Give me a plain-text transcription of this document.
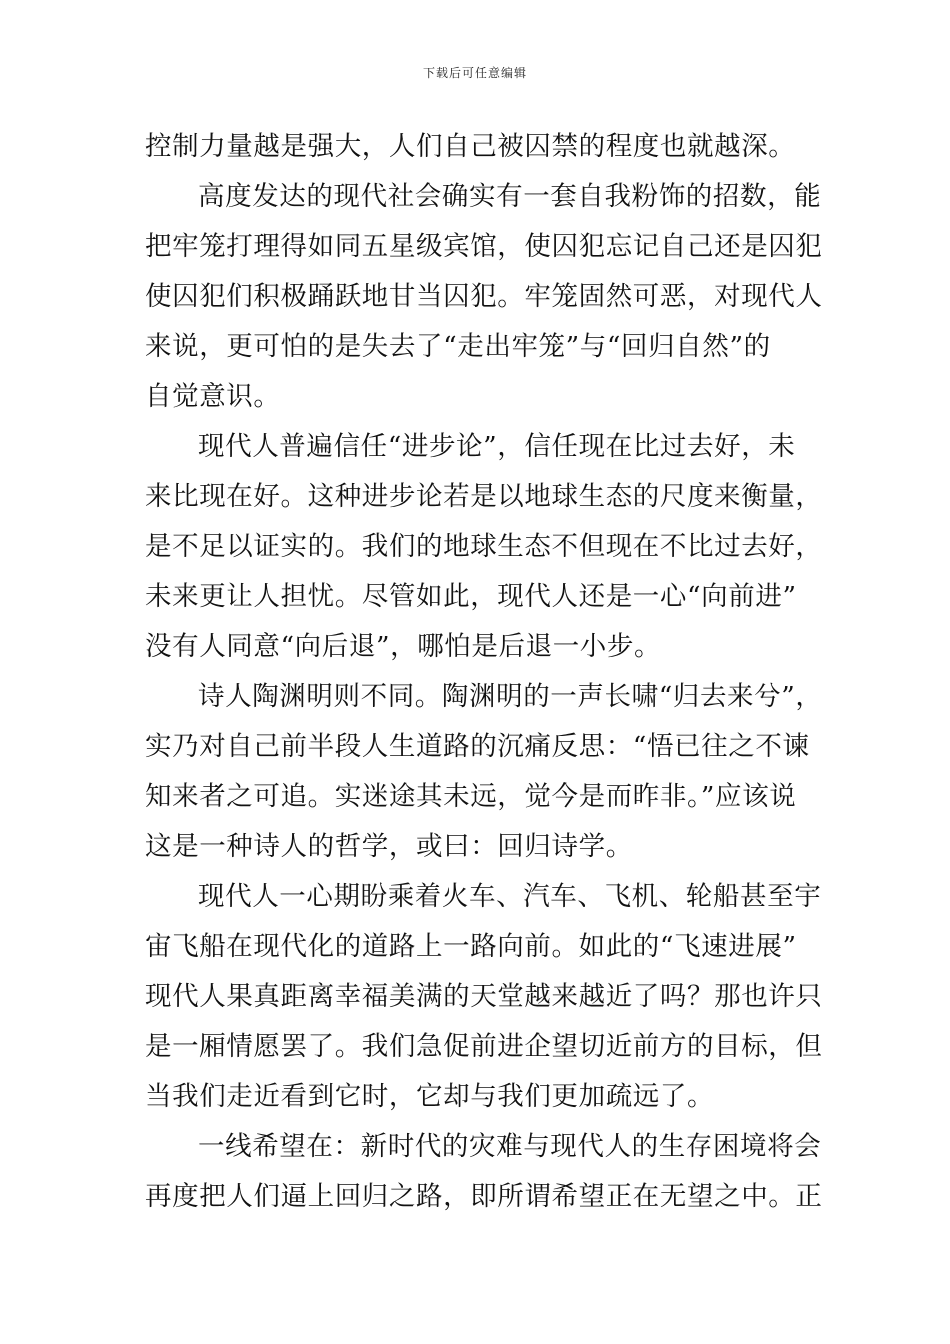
下载后可任意编辑
控制力量越是强大，人们自己被囚禁的程度也就越深。
高度发达的现代社会确实有一套自我粉饰的招数，能
把牢笼打理得如同五星级宾馆，使囚犯忘记自己还是囚犯
使囚犯们积极踊跃地甘当囚犯。牢笼固然可恶，对现代人
来说，更可怕的是失去了“走出牢笼”与“回归自然”的
自觉意识。
现代人普遍信任“进步论”，信任现在比过去好，未
来比现在好。这种进步论若是以地球生态的尺度来衡量，
是不足以证实的。我们的地球生态不但现在不比过去好，
未来更让人担忧。尽管如此，现代人还是一心“向前进”
没有人同意“向后退”，哪怕是后退一小步。
诗人陶渊明则不同。陶渊明的一声长啸“归去来兮”，
实乃对自己前半段人生道路的沉痛反思：“悟已往之不谏
知来者之可追。实迷途其未远，觉今是而昨非。”应该说
这是一种诗人的哲学，或曰：回归诗学。
现代人一心期盼乘着火车、汽车、飞机、轮船甚至宇
宙飞船在现代化的道路上一路向前。如此的“飞速进展”
现代人果真距离幸福美满的天堂越来越近了吗？那也许只
是一厢情愿罢了。我们急促前进企望切近前方的目标，但
当我们走近看到它时，它却与我们更加疏远了。
一线希望在：新时代的灾难与现代人的生存困境将会
再度把人们逼上回归之路，即所谓希望正在无望之中。正
